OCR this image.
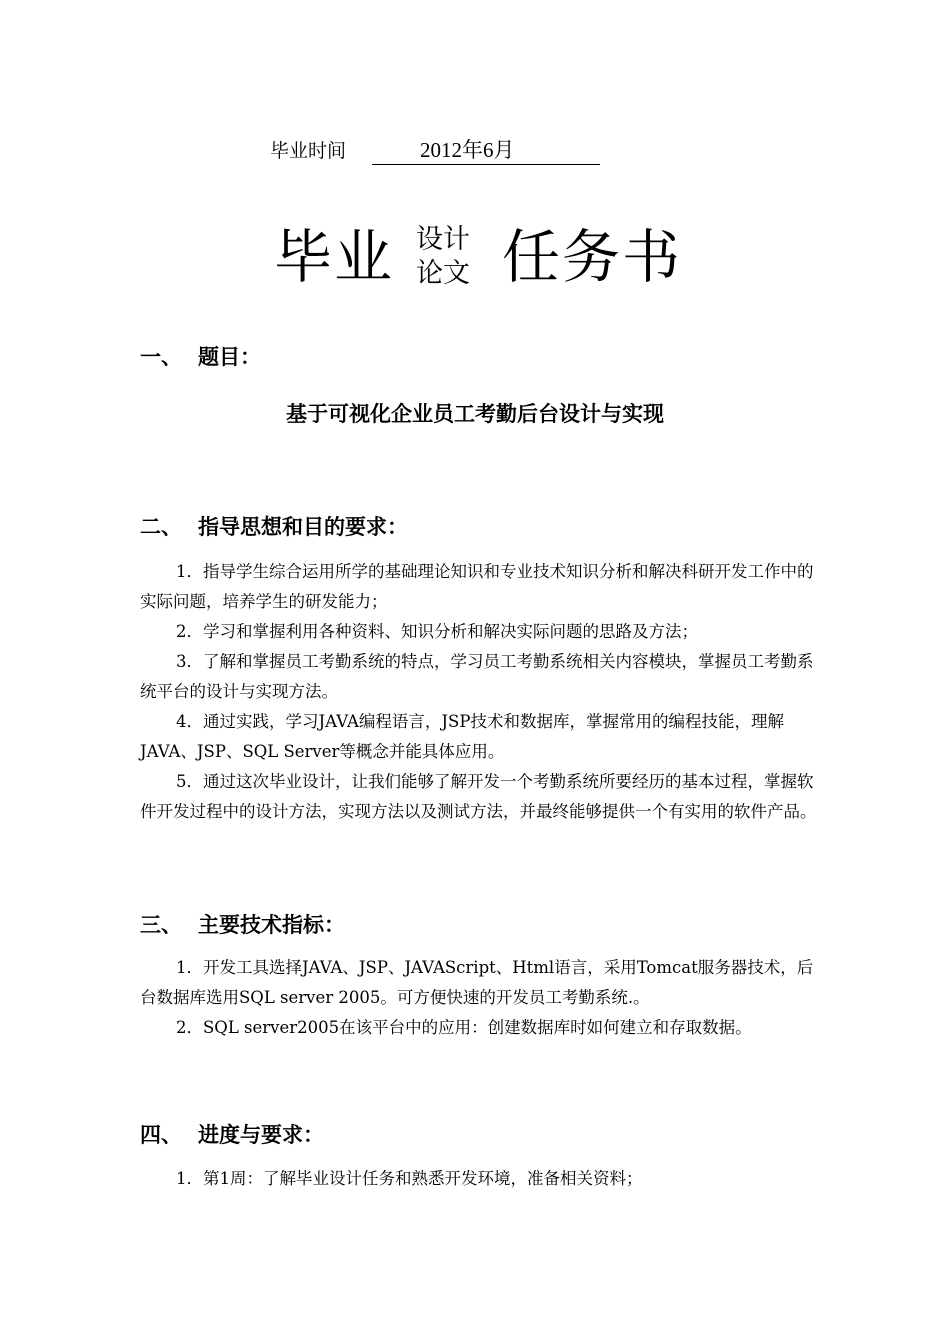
毕业时间	2012年6月
毕业 设计
论文 任务书
一、 题目：
基于可视化企业员工考勤后台设计与实现
二、 指导思想和目的要求：

1．指导学生综合运用所学的基础理论知识和专业技术知识分析和解决科研开发工作中的实际问题，培养学生的研发能力；

2．学习和掌握利用各种资料、知识分析和解决实际问题的思路及方法；

3．了解和掌握员工考勤系统的特点，学习员工考勤系统相关内容模块，掌握员工考勤系统平台的设计与实现方法。

4．通过实践，学习JAVA编程语言，JSP技术和数据库，掌握常用的编程技能，理解JAVA、JSP、SQL Server等概念并能具体应用。

5．通过这次毕业设计，让我们能够了解开发一个考勤系统所要经历的基本过程，掌握软件开发过程中的设计方法，实现方法以及测试方法，并最终能够提供一个有实用的软件产品。

三、 主要技术指标：

1．开发工具选择JAVA、JSP、JAVAScript、Html语言，采用Tomcat服务器技术，后台数据库选用SQL server 2005。可方便快速的开发员工考勤系统.。

2．SQL server2005在该平台中的应用：创建数据库时如何建立和存取数据。

四、 进度与要求：

1．第1周：了解毕业设计任务和熟悉开发环境，准备相关资料；
